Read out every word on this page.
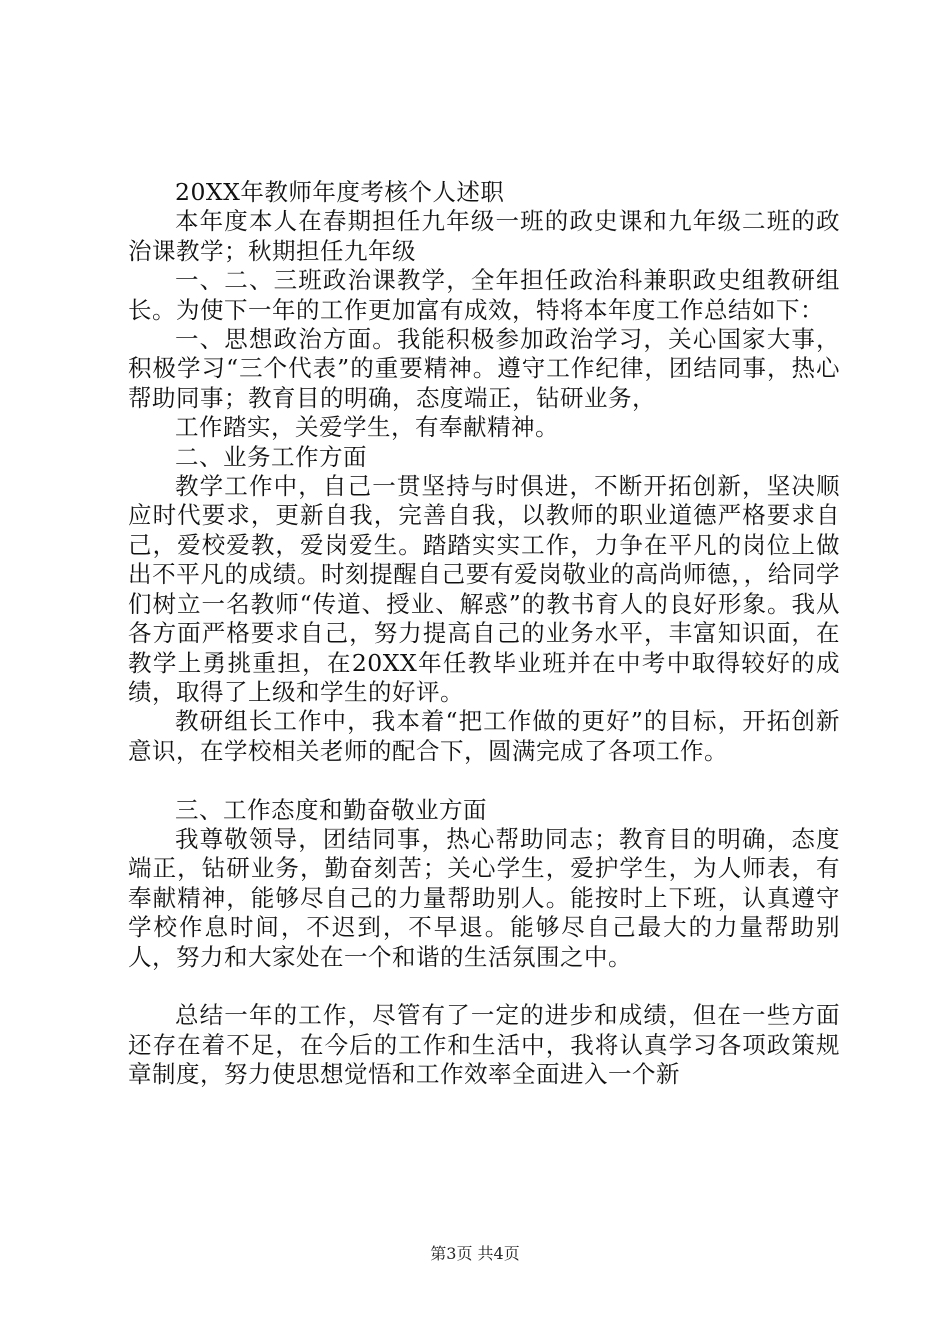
20XX年教师年度考核个人述职

本年度本人在春期担任九年级一班的政史课和九年级二班的政治课教学；秋期担任九年级

一、二、三班政治课教学，全年担任政治科兼职政史组教研组长。为使下一年的工作更加富有成效，特将本年度工作总结如下：

一、思想政治方面。我能积极参加政治学习，关心国家大事，积极学习“三个代表”的重要精神。遵守工作纪律，团结同事，热心帮助同事；教育目的明确，态度端正，钻研业务，

工作踏实，关爱学生，有奉献精神。

二、业务工作方面

教学工作中，自己一贯坚持与时俱进，不断开拓创新，坚决顺应时代要求，更新自我，完善自我，以教师的职业道德严格要求自己，爱校爱教，爱岗爱生。踏踏实实工作，力争在平凡的岗位上做出不平凡的成绩。时刻提醒自己要有爱岗敬业的高尚师德，，给同学们树立一名教师“传道、授业、解惑”的教书育人的良好形象。我从各方面严格要求自己，努力提高自己的业务水平，丰富知识面，在教学上勇挑重担，在20XX年任教毕业班并在中考中取得较好的成绩，取得了上级和学生的好评。

教研组长工作中，我本着“把工作做的更好”的目标，开拓创新意识，在学校相关老师的配合下，圆满完成了各项工作。

三、工作态度和勤奋敬业方面

我尊敬领导，团结同事，热心帮助同志；教育目的明确，态度端正，钻研业务，勤奋刻苦；关心学生，爱护学生，为人师表，有奉献精神，能够尽自己的力量帮助别人。能按时上下班，认真遵守学校作息时间，不迟到，不早退。能够尽自己最大的力量帮助别人，努力和大家处在一个和谐的生活氛围之中。

总结一年的工作，尽管有了一定的进步和成绩，但在一些方面还存在着不足，在今后的工作和生活中，我将认真学习各项政策规章制度，努力使思想觉悟和工作效率全面进入一个新

第3页 共4页
